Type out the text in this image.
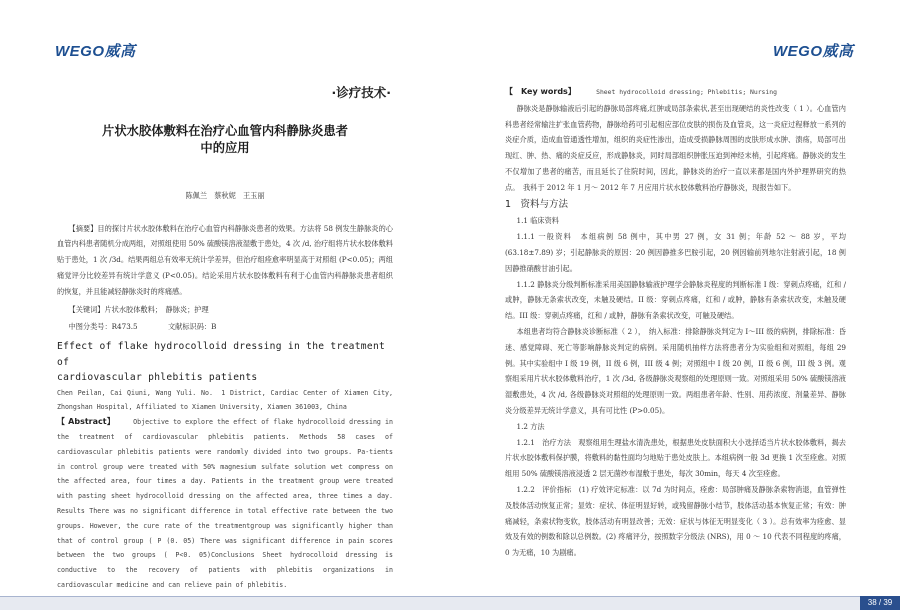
WEGO威高	WEGO威高
·诊疗技术·
片状水胶体敷料在治疗心血管内科静脉炎患者
中的应用
陈佩兰　蔡秋妮　王玉丽

【摘要】目的探讨片状水胶体敷料在治疗心血管内科静脉炎患者的效果。方法将 58 例发生静脉炎的心血管内科患者随机分成两组，对照组使用 50% 硫酸镁溶液湿敷于患处，4 次 /d, 治疗组将片状水胶体敷料贴于患处，1 次 /3d。结果两组总有效率无统计学差异，但治疗组痊愈率明显高于对照组 (P<0.05)；两组痛觉评分比较差异有统计学意义 (P<0.05)。结论采用片状水胶体敷料有利于心血管内科静脉炎患者组织的恢复，并且能减轻静脉炎时的疼痛感。

【关键词】片状水胶体敷料；　静脉炎；护理

中图分类号：R473.5	文献标识码：B

Effect of flake hydrocolloid dressing in the treatment of
cardiovascular phlebitis patients

Chen Peilan, Cai Qiuni, Wang Yuli. No.　1 District, Cardiac Center of Xiamen City, Zhongshan Hospital, Affiliated to Xiamen University, Xiamen 361003, China

【 Abstract】	Objective to explore the effect of flake hydrocolloid dressing in the treatment of cardiovascular phlebitis patients. Methods 58 cases of cardiovascular phlebitis patients were randomly divided into two groups. Pa-tients in control group were treated with 50% magnesium sulfate solution wet compress on the affected area, four times a day. Patients in the treatment group were treated with pasting sheet hydrocolloid dressing on the affected area, three times a day. Results There was no significant difference in total effective rate between the two groups. However, the cure rate of the treatmentgroup was significantly higher than that of control group ( P (0. 05) There was significant difference in pain scores between the two groups ( P<0. 05)Conclusions Sheet hydrocolloid dressing is conductive to the recovery of patients with phlebitis organizations in cardiovascular medicine and can relieve pain of phlebitis.

【　Key words】	Sheet hydrocolloid dressing; Phlebitis; Nursing

静脉炎是静脉输液后引起的静脉局部疼痛,红肿或局部条索状,甚至出现硬结的炎性改变（ 1 ）。心血管内科患者经常输注扩张血管药物，静脉给药可引起相应部位皮肤的损伤及血管炎，这一炎症过程释放一系列的炎症介质，造成血管通透性增加，组织的炎症性渗出，造成受损静脉周围的皮肤形成水肿、溃疡，局部可出现红、肿、热、痛的炎症反应，形成静脉炎，同时局部组织肿胀压迫到神经末梢，引起疼痛。静脉炎的发生不仅增加了患者的痛苦，而且延长了住院时间，因此，静脉炎的治疗一直以来都是国内外护理界研究的热点。　我科于 2012 年 1 月～ 2012 年 7 月应用片状水胶体敷料治疗静脉炎，现报告如下。

1　资料与方法

1.1 临床资料

1.1.1 一般资料　本组病例 58 例中，其中男 27 例，女 31 例；年龄 52 ～ 88 岁，平均 (63.18±7.89) 岁；引起静脉炎的原因：20 例因静推多巴胺引起，20 例因输前列地尔注射液引起，18 例因静推硝酸甘油引起。

1.1.2 静脉炎分级判断标准采用美国静脉输液护理学会静脉炎程度的判断标准 I 级：穿刺点疼痛，红和 / 或肿，静脉无条索状改变，未触及硬结。II 级：穿刺点疼痛，红和 / 或肿，静脉有条索状改变，未触及硬结。III 级：穿刺点疼痛，红和 / 或肿，静脉有条索状改变，可触及硬结。

本组患者均符合静脉炎诊断标准（ 2 ），　纳入标准：排除静脉炎判定为 I～III 级的病例，排除标准：昏迷、感觉障碍、死亡等影响静脉炎判定的病例。采用随机抽样方法将患者分为实验组和对照组，每组 29 例。其中实验组中 I 级 19 例，II 级 6 例，III 级 4 例；对照组中 I 级 20 例，II 级 6 例，III 级 3 例。观察组采用片状水胶体敷料治疗，1 次 /3d, 各级静脉炎观察组的处理原则一致。对照组采用 50% 硫酸镁溶液湿敷患处，4 次 /d, 各级静脉炎对照组的处理原则一致。两组患者年龄、性别、用药浓度、剂量差异、静脉炎分级差异无统计学意义，具有可比性 (P>0.05)。

1.2 方法

1.2.1　治疗方法　观察组用生理盐水清洗患处，根据患处皮肤面积大小选择适当片状水胶体敷料，揭去片状水胶体敷料保护膜，将敷料的黏性面均匀地贴于患处皮肤上。本组病例一般 3d 更换 1 次至痊愈。对照组用 50% 硫酸镁溶液浸透 2 层无菌纱布湿敷于患处，每次 30min，每天 4 次至痊愈。

1.2.2　评价指标　(1) 疗效评定标准：以 7d 为时间点，痊愈：局部肿痛及静脉条索物消退，血管弹性及肢体活动恢复正常；显效：症状、体征明显好转，或残留静脉小结节，肢体活动基本恢复正常；有效：肿痛减轻，条索状物变软，肢体活动有明显改善；无效：症状与体征无明显变化（ 3 ）。总有效率为痊愈、显效及有效的例数和除以总例数。(2) 疼痛评分，按照数字分级法 (NRS)，用 0 ～ 10 代表不同程度的疼痛，0 为无痛，10 为剧痛。

38 / 39
